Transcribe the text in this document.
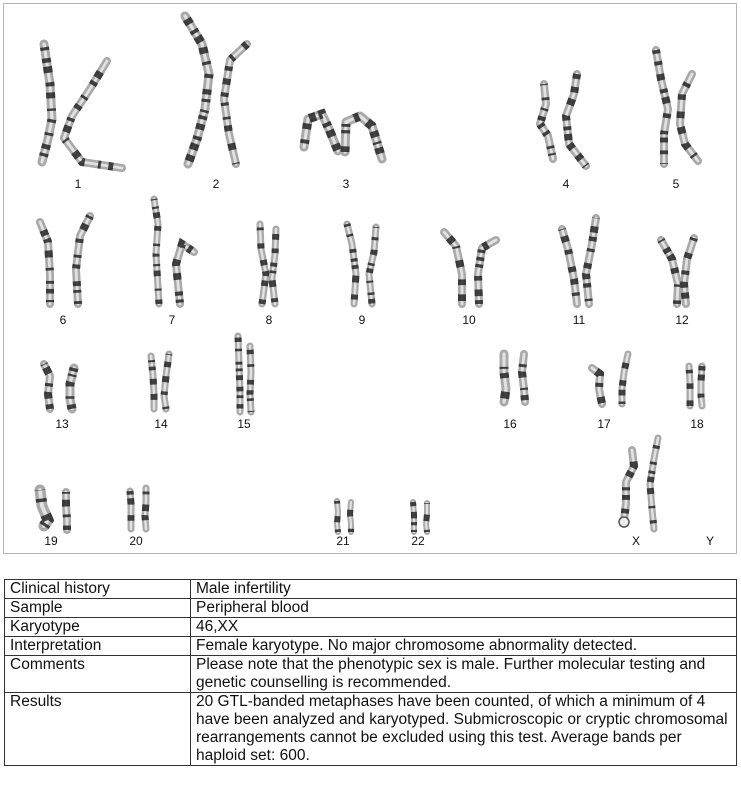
1	2	3	4	5
6	7	8	9	10	11	12
13	14	15	16	17	18
19	20	21	22	X	Y
Clinical history	Male infertility
Sample	Peripheral blood
Karyotype	46,XX
Interpretation	Female karyotype. No major chromosome abnormality detected.
Comments	Please note that the phenotypic sex is male. Further molecular testing and genetic counselling is recommended.
Results	20 GTL-banded metaphases have been counted, of which a minimum of 4 have been analyzed and karyotyped. Submicroscopic or cryptic chromosomal rearrangements cannot be excluded using this test. Average bands per haploid set: 600.
